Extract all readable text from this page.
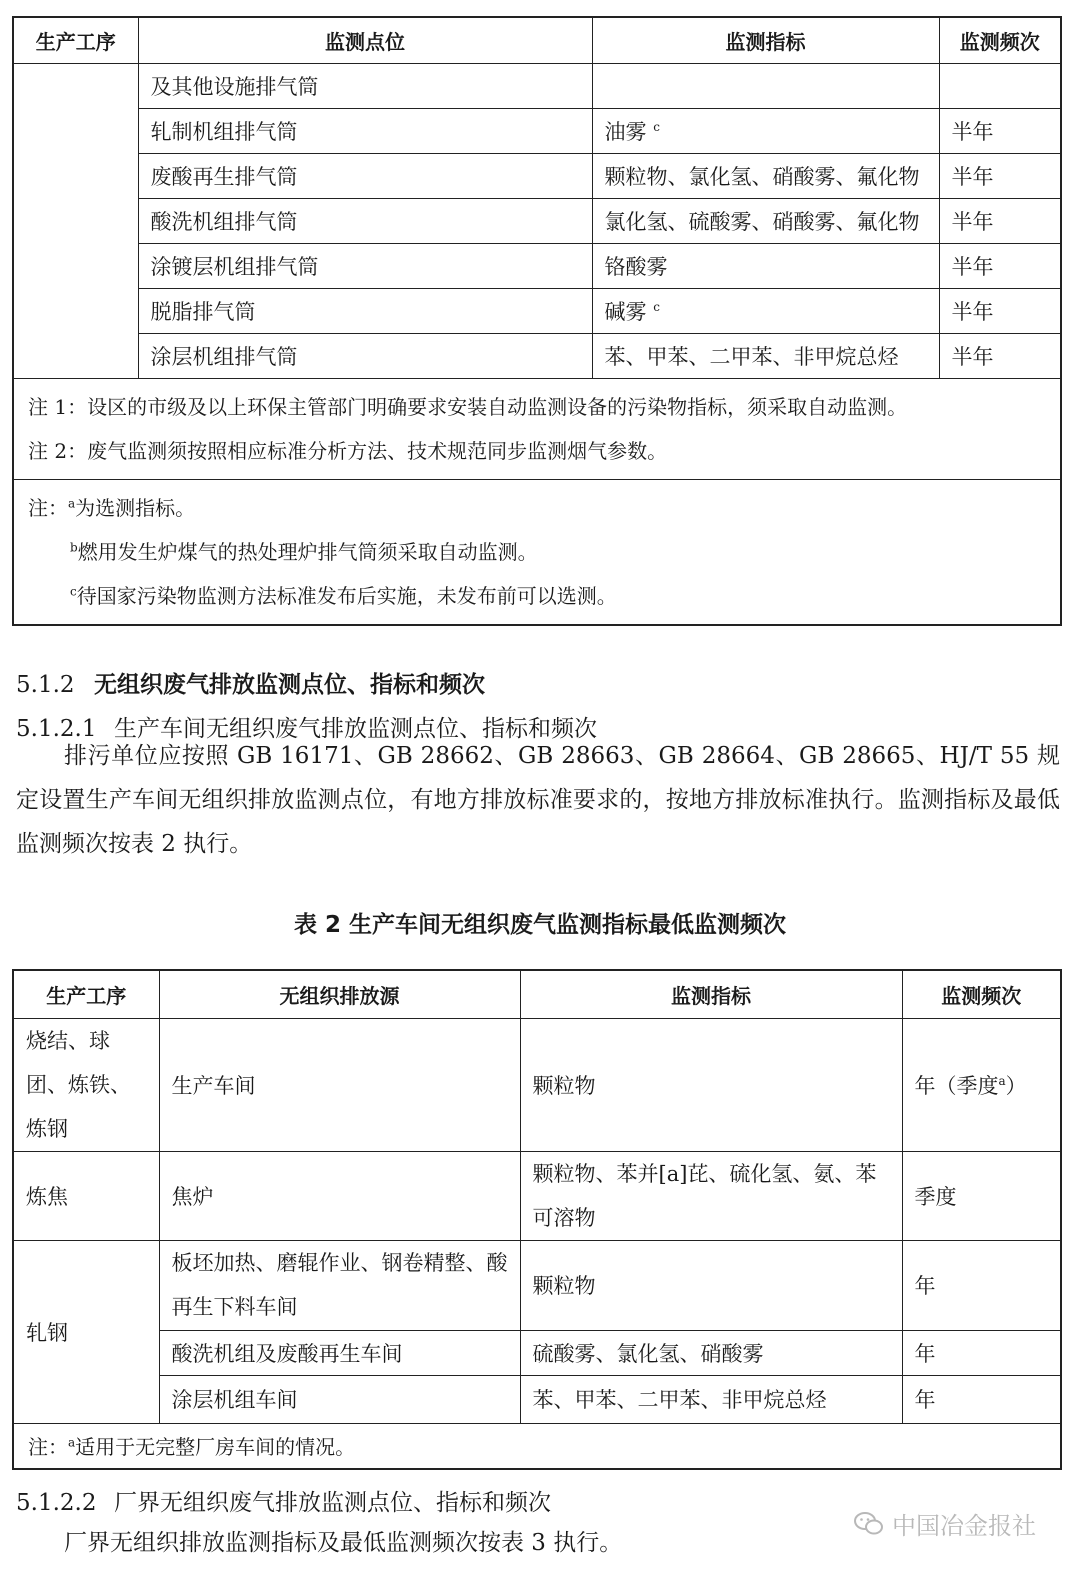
生产工序	监测点位	监测指标	监测频次
	及其他设施排气筒		
	轧制机组排气筒	油雾 $^c$	半年
	废酸再生排气筒	颗粒物、氯化氢、硝酸雾、氟化物	半年
	酸洗机组排气筒	氯化氢、硫酸雾、硝酸雾、氟化物	半年
	涂镀层机组排气筒	铬酸雾	半年
	脱脂排气筒	碱雾 $^c$	半年
	涂层机组排气筒	苯、甲苯、二甲苯、非甲烷总烃	半年

注 1：设区的市级及以上环保主管部门明确要求安装自动监测设备的污染物指标，须采取自动监测。
注 2：废气监测须按照相应标准分析方法、技术规范同步监测烟气参数。			

注：$^a$为选测指标。
$^b$燃用发生炉煤气的热处理炉排气筒须采取自动监测。
$^c$待国家污染物监测方法标准发布后实施，未发布前可以选测。			
5.1.2 无组织废气排放监测点位、指标和频次
5.1.2.1 生产车间无组织废气排放监测点位、指标和频次

排污单位应按照 GB 16171、GB 28662、GB 28663、GB 28664、GB 28665、HJ/T 55 规定设置生产车间无组织排放监测点位，有地方排放标准要求的，按地方排放标准执行。监测指标及最低监测频次按表 2 执行。

表 2 生产车间无组织废气监测指标最低监测频次
生产工序	无组织排放源	监测指标	监测频次
烧结、球团、炼铁、炼钢	生产车间	颗粒物	年（季度$^a$）
炼焦	焦炉	颗粒物、苯并[a]芘、硫化氢、氨、苯可溶物	季度
轧钢	板坯加热、磨辊作业、钢卷精整、酸再生下料车间	颗粒物	年
	酸洗机组及废酸再生车间	硫酸雾、氯化氢、硝酸雾	年
	涂层机组车间	苯、甲苯、二甲苯、非甲烷总烃	年
注：$^a$适用于无完整厂房车间的情况。			
5.1.2.2 厂界无组织废气排放监测点位、指标和频次

厂界无组织排放监测指标及最低监测频次按表 3 执行。

中国冶金报社
